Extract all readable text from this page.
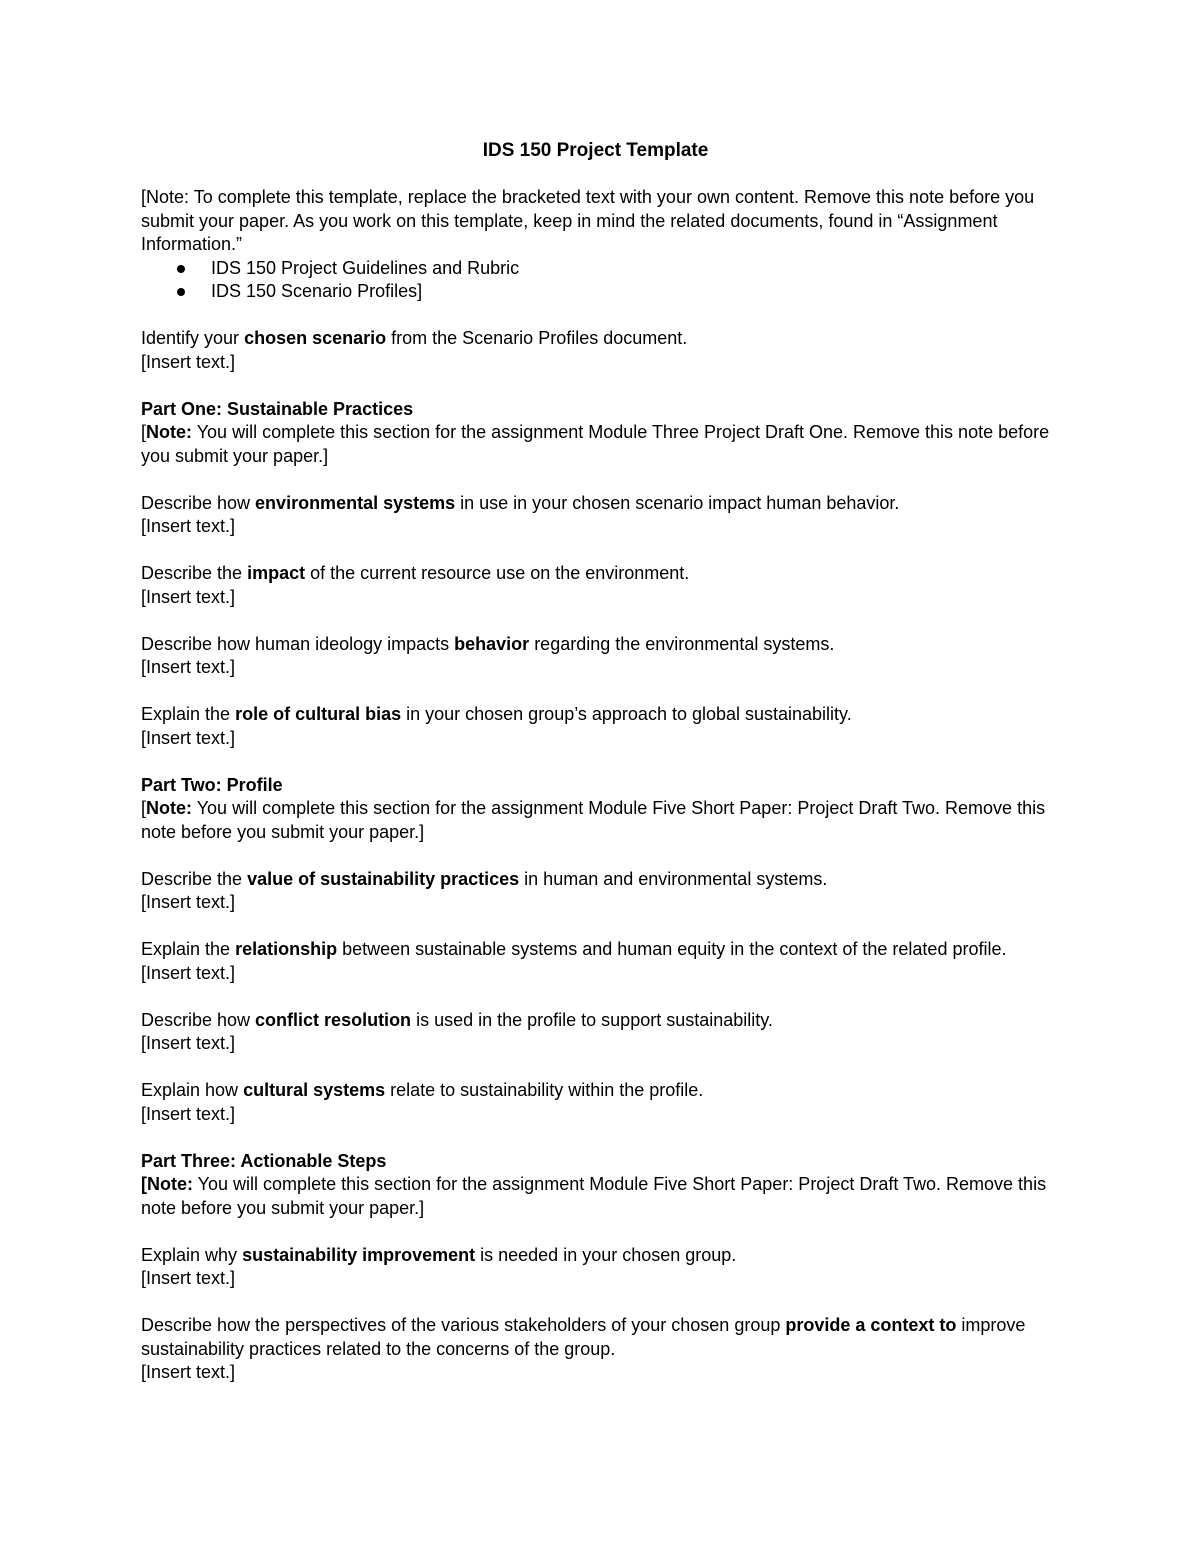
IDS 150 Project Template

[Note: To complete this template, replace the bracketed text with your own content. Remove this note before you submit your paper. As you work on this template, keep in mind the related documents, found in “Assignment Information.”

IDS 150 Project Guidelines and Rubric
IDS 150 Scenario Profiles]

Identify your chosen scenario from the Scenario Profiles document.

[Insert text.]

Part One: Sustainable Practices

[Note: You will complete this section for the assignment Module Three Project Draft One. Remove this note before you submit your paper.]

Describe how environmental systems in use in your chosen scenario impact human behavior.

[Insert text.]

Describe the impact of the current resource use on the environment.

[Insert text.]

Describe how human ideology impacts behavior regarding the environmental systems.

[Insert text.]

Explain the role of cultural bias in your chosen group’s approach to global sustainability.

[Insert text.]

Part Two: Profile

[Note: You will complete this section for the assignment Module Five Short Paper: Project Draft Two. Remove this note before you submit your paper.]

Describe the value of sustainability practices in human and environmental systems.

[Insert text.]

Explain the relationship between sustainable systems and human equity in the context of the related profile.

[Insert text.]

Describe how conflict resolution is used in the profile to support sustainability.

[Insert text.]

Explain how cultural systems relate to sustainability within the profile.

[Insert text.]

Part Three: Actionable Steps

[Note: You will complete this section for the assignment Module Five Short Paper: Project Draft Two. Remove this note before you submit your paper.]

Explain why sustainability improvement is needed in your chosen group.

[Insert text.]

Describe how the perspectives of the various stakeholders of your chosen group provide a context to improve sustainability practices related to the concerns of the group.

[Insert text.]
